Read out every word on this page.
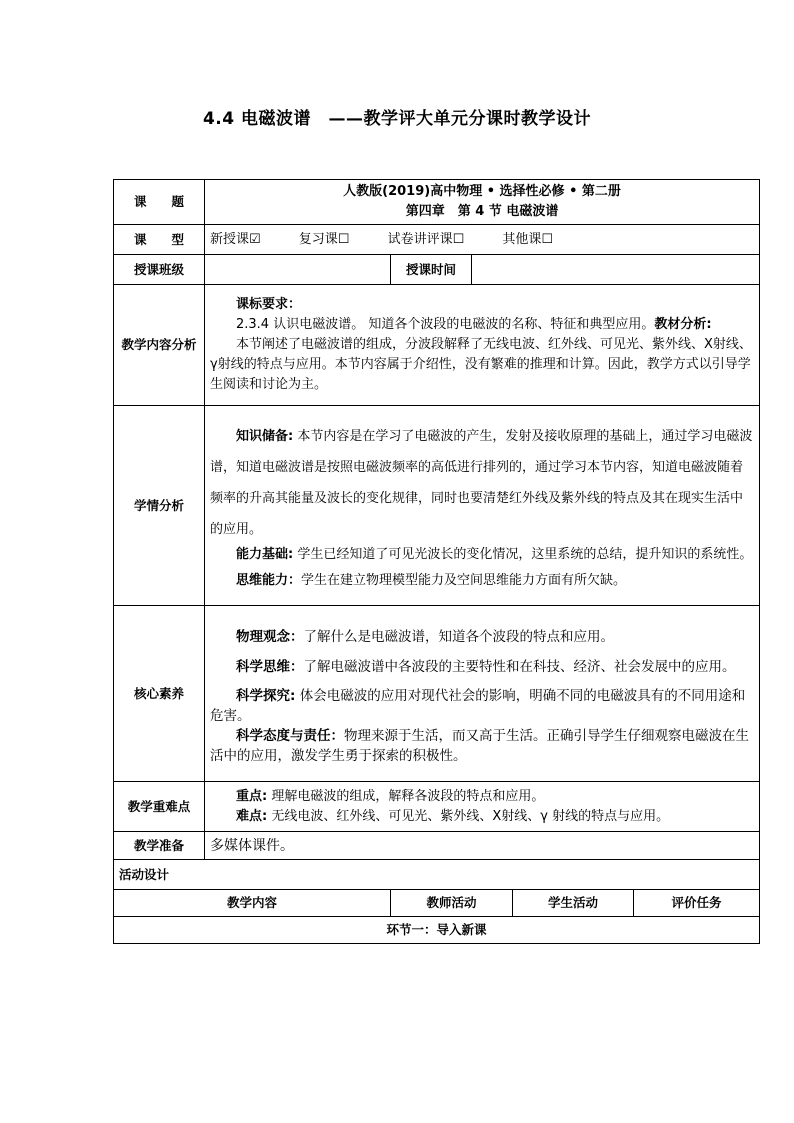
4.4 电磁波谱　——教学评大单元分课时教学设计
课　　题	人教版(2019)高中物理 • 选择性必修 • 第二册
第四章　第 4 节 电磁波谱				

课　　型	新授课☑ 复习课☐ 试卷讲评课☐ 其他课☐				
授课班级		授课时间			
教学内容分析	课标要求：

2.3.4 认识电磁波谱。 知道各个波段的电磁波的名称、特征和典型应用。教材分析:

本节阐述了电磁波谱的组成，分波段解释了无线电波、红外线、可见光、紫外线、X射线、γ射线的特点与应用。本节内容属于介绍性，没有繁难的推理和计算。因此，教学方式以引导学生阅读和讨论为主。				

学情分析	知识储备: 本节内容是在学习了电磁波的产生，发射及接收原理的基础上，通过学习电磁波谱，知道电磁波谱是按照电磁波频率的高低进行排列的，通过学习本节内容，知道电磁波随着频率的升高其能量及波长的变化规律，同时也要清楚红外线及紫外线的特点及其在现实生活中的应用。

能力基础: 学生已经知道了可见光波长的变化情况，这里系统的总结，提升知识的系统性。

思维能力：学生在建立物理模型能力及空间思维能力方面有所欠缺。				

核心素养	物理观念：了解什么是电磁波谱，知道各个波段的特点和应用。

科学思维：了解电磁波谱中各波段的主要特性和在科技、经济、社会发展中的应用。

科学探究: 体会电磁波的应用对现代社会的影响，明确不同的电磁波具有的不同用途和危害。

科学态度与责任：物理来源于生活，而又高于生活。正确引导学生仔细观察电磁波在生活中的应用，激发学生勇于探索的积极性。				

教学重难点	重点: 理解电磁波的组成，解释各波段的特点和应用。

难点: 无线电波、红外线、可见光、紫外线、X射线、γ 射线的特点与应用。				

教学准备	多媒体课件。				
活动设计					
教学内容		教师活动		学生活动	评价任务
环节一：导入新课					
